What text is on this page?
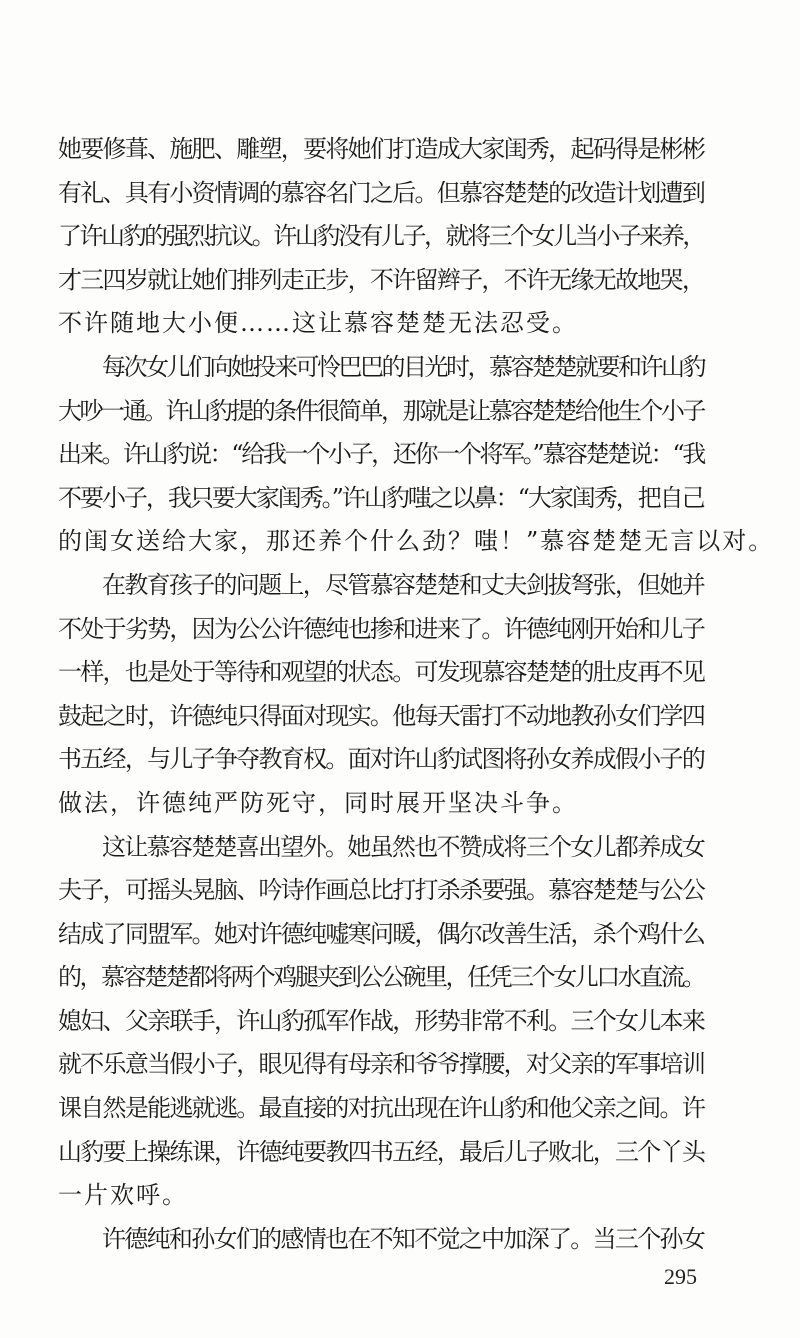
她要修葺、施肥、雕塑，要将她们打造成大家闺秀，起码得是彬彬
有礼、具有小资情调的慕容名门之后。但慕容楚楚的改造计划遭到
了许山豹的强烈抗议。许山豹没有儿子，就将三个女儿当小子来养，
才三四岁就让她们排列走正步，不许留辫子，不许无缘无故地哭，
不许随地大小便……这让慕容楚楚无法忍受。
每次女儿们向她投来可怜巴巴的目光时，慕容楚楚就要和许山豹
大吵一通。许山豹提的条件很简单，那就是让慕容楚楚给他生个小子
出来。许山豹说：“给我一个小子，还你一个将军。”慕容楚楚说：“我
不要小子，我只要大家闺秀。”许山豹嗤之以鼻：“大家闺秀，把自己
的闺女送给大家，那还养个什么劲？嗤！”慕容楚楚无言以对。
在教育孩子的问题上，尽管慕容楚楚和丈夫剑拔弩张，但她并
不处于劣势，因为公公许德纯也掺和进来了。许德纯刚开始和儿子
一样，也是处于等待和观望的状态。可发现慕容楚楚的肚皮再不见
鼓起之时，许德纯只得面对现实。他每天雷打不动地教孙女们学四
书五经，与儿子争夺教育权。面对许山豹试图将孙女养成假小子的
做法，许德纯严防死守，同时展开坚决斗争。
这让慕容楚楚喜出望外。她虽然也不赞成将三个女儿都养成女
夫子，可摇头晃脑、吟诗作画总比打打杀杀要强。慕容楚楚与公公
结成了同盟军。她对许德纯嘘寒问暖，偶尔改善生活，杀个鸡什么
的，慕容楚楚都将两个鸡腿夹到公公碗里，任凭三个女儿口水直流。
媳妇、父亲联手，许山豹孤军作战，形势非常不利。三个女儿本来
就不乐意当假小子，眼见得有母亲和爷爷撑腰，对父亲的军事培训
课自然是能逃就逃。最直接的对抗出现在许山豹和他父亲之间。许
山豹要上操练课，许德纯要教四书五经，最后儿子败北，三个丫头
一片欢呼。
许德纯和孙女们的感情也在不知不觉之中加深了。当三个孙女
295
